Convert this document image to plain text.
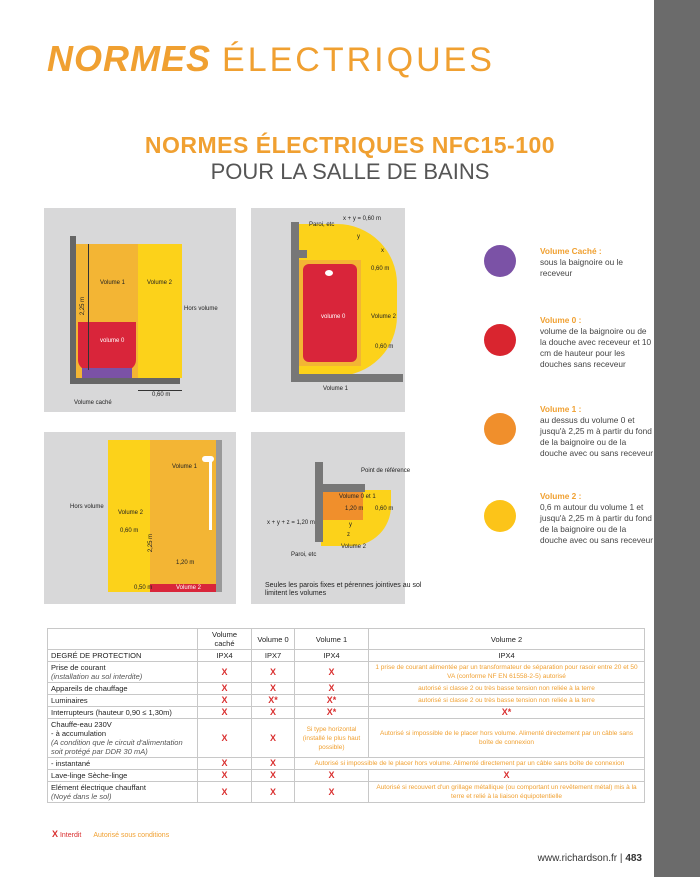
NORMES ÉLECTRIQUES
NORMES ÉLECTRIQUES NFC15-100
POUR LA SALLE DE BAINS
Volume 1	Volume 2
volume 0
Hors volume
2,25 m
0,60 m
Volume caché
Paroi, etc
x + y = 0,60 m
y
x
0,60 m
volume 0	Volume 2
0,60 m
Volume 1
Volume 1
Hors volume
Volume 2
0,60 m
2,25 m
1,20 m
0,50 m	Volume 2
Point de référence
Volume 0 et 1
1,20 m 0,60 m
x + y + z = 1,20 m	y
z
Volume 2
Paroi, etc
Seules les parois fixes et pérennes jointives au sol limitent les volumes
Volume Caché :
sous la baignoire ou le receveur
Volume 0 :
volume de la baignoire ou de la douche avec receveur et 10 cm de hauteur pour les douches sans receveur
Volume 1 :
au dessus du volume 0 et jusqu'à 2,25 m à partir du fond de la baignoire ou de la douche avec ou sans receveur
Volume 2 :
0,6 m autour du volume 1 et jusqu'à 2,25 m à partir du fond de la baignoire ou de la douche avec ou sans receveur
	Volume caché	Volume 0	Volume 1	Volume 2
DEGRÉ DE PROTECTION	IPX4	IPX7	IPX4	IPX4

Prise de courant
(installation au sol interdite)	X	X	X	1 prise de courant alimentée par un transformateur de séparation pour rasoir entre 20 et 50 VA (conforme NF EN 61558-2-5) autorisé
Appareils de chauffage	X	X	X	autorisé si classe 2 ou très basse tension non reliée à la terre
Luminaires	X	X*	X*	autorisé si classe 2 ou très basse tension non reliée à la terre
Interrupteurs (hauteur 0,90 ≤ 1,30m)	X	X	X*	X*

Chauffe-eau 230V
- à accumulation
(A condition que le circuit d'alimentation soit protégé par DDR 30 mA)	X	X	Si type horizontal (installé le plus haut possible)	Autorisé si impossible de le placer hors volume. Alimenté directement par un câble sans boîte de connexion
- instantané	X	X	Autorisé si impossible de le placer hors volume. Alimenté directement par un câble sans boîte de connexion	
Lave-linge Sèche-linge	X	X	X	X

Elément électrique chauffant
(Noyé dans le sol)	X	X	X	Autorisé si recouvert d'un grillage métallique (ou comportant un revêtement métal) mis à la terre et relié à la liaison équipotentielle
X Interdit Autorisé sous conditions
www.richardson.fr | 483
